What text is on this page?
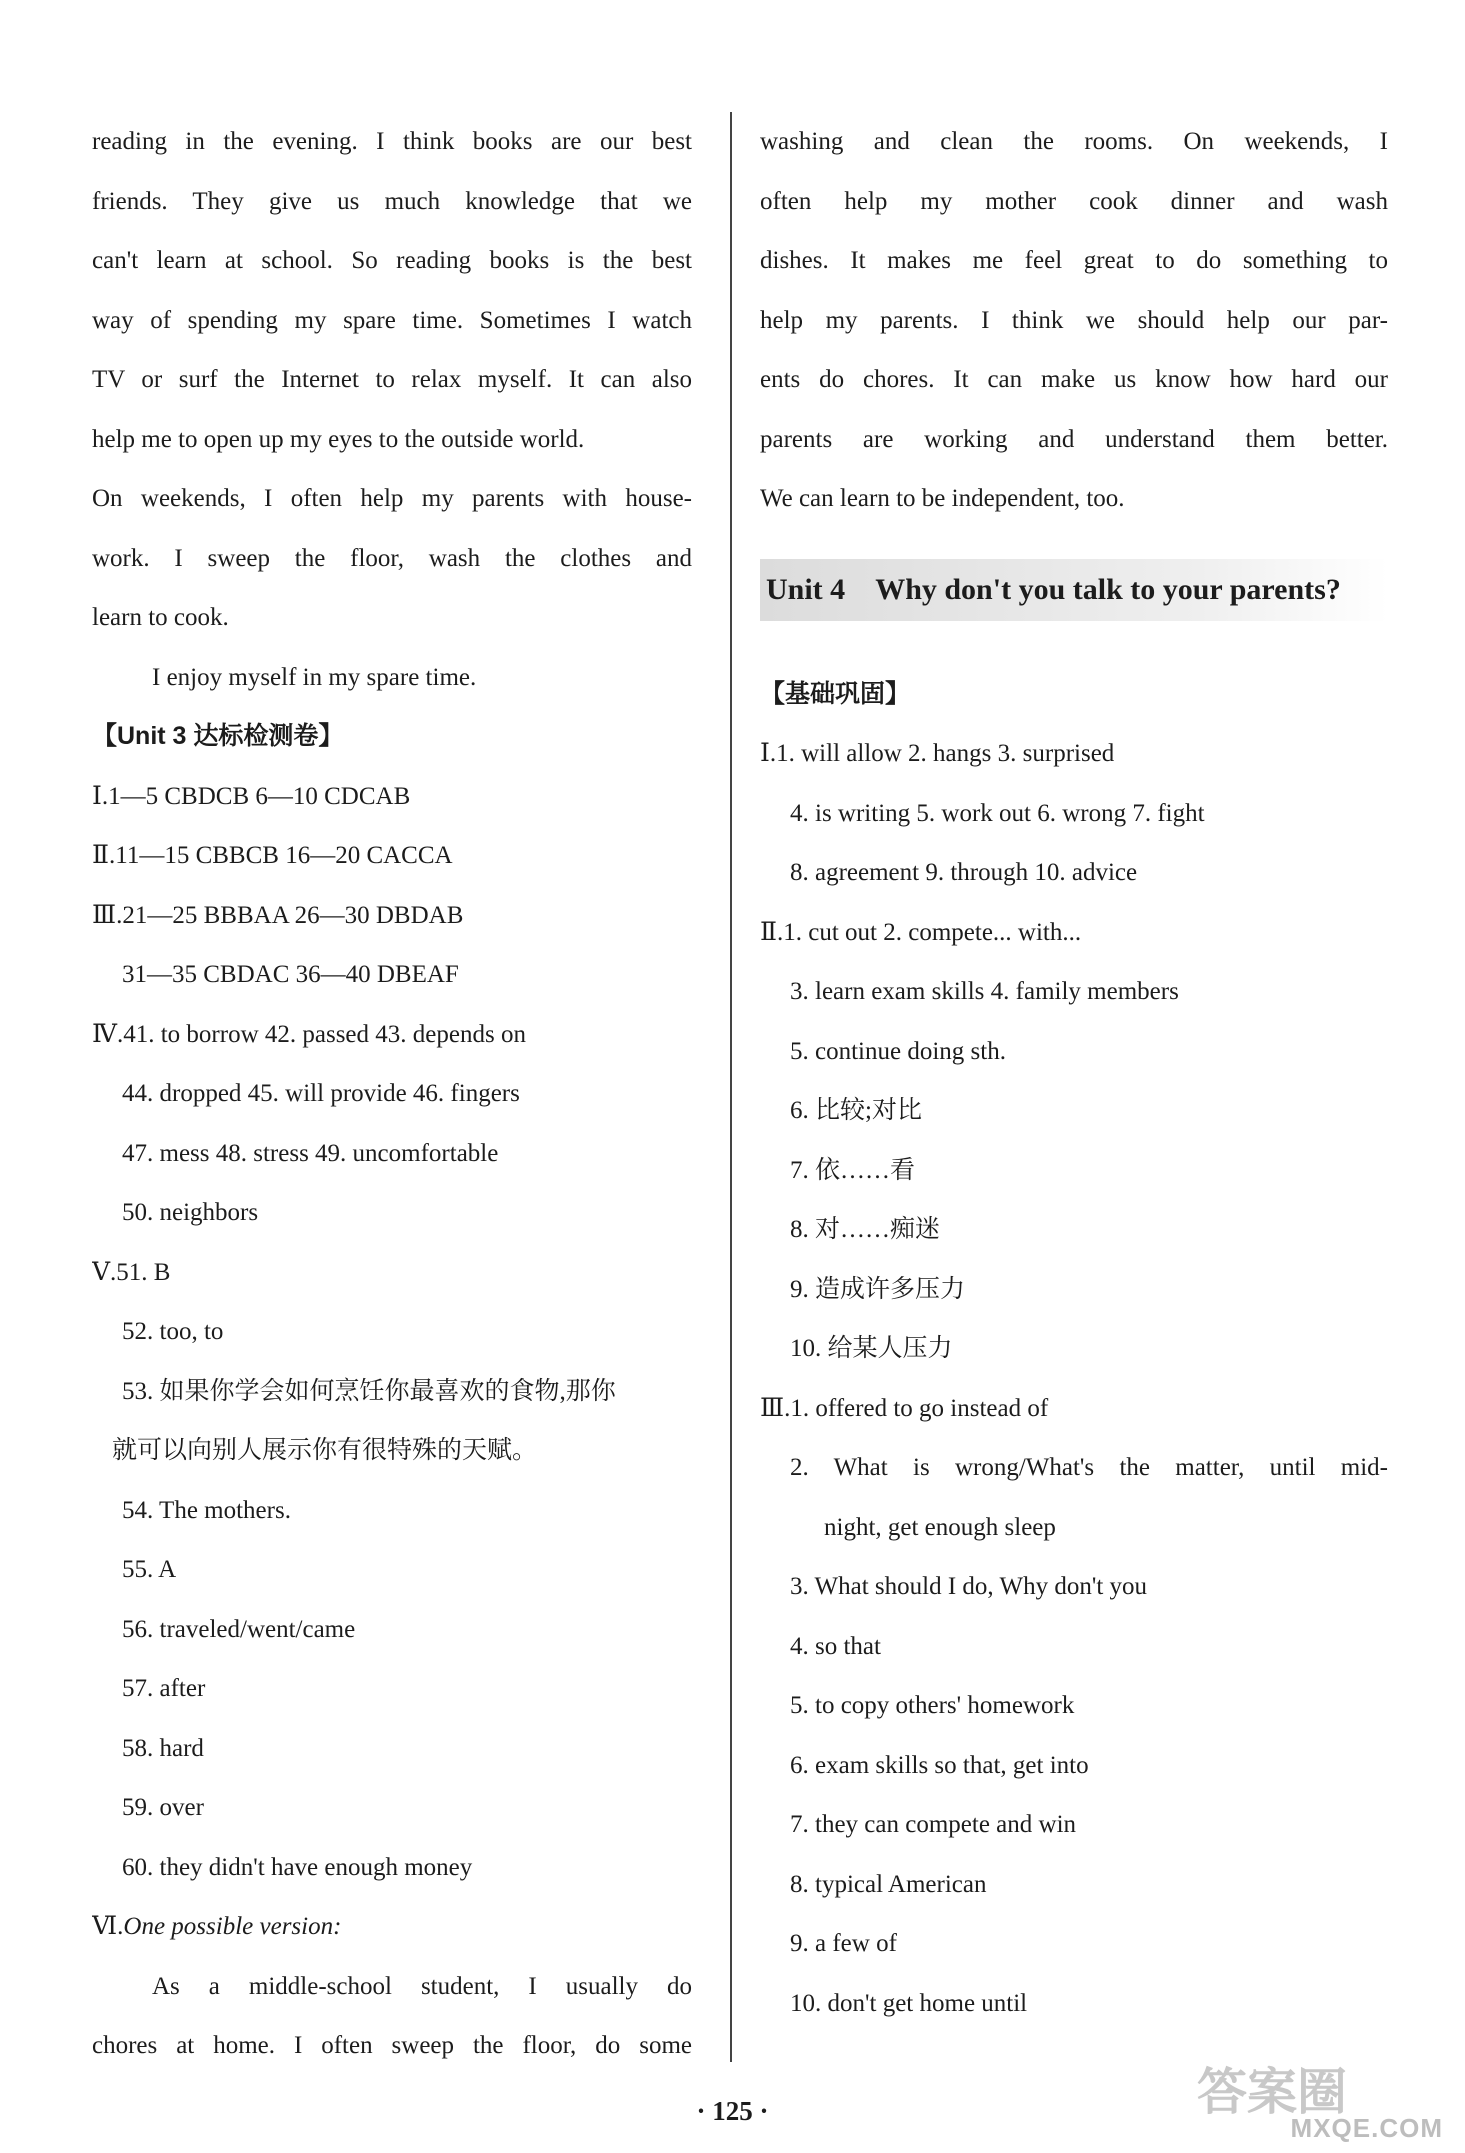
reading in the evening. I think books are our best
friends. They give us much knowledge that we
can't learn at school. So reading books is the best
way of spending my spare time. Sometimes I watch
TV or surf the Internet to relax myself. It can also
help me to open up my eyes to the outside world.
On weekends, I often help my parents with house-
work. I sweep the floor, wash the clothes and
learn to cook.
I enjoy myself in my spare time.
【Unit 3 达标检测卷】
Ⅰ.1—5 CBDCB 6—10 CDCAB
Ⅱ.11—15 CBBCB 16—20 CACCA
Ⅲ.21—25 BBBAA 26—30 DBDAB
31—35 CBDAC 36—40 DBEAF
Ⅳ.41. to borrow 42. passed 43. depends on
44. dropped 45. will provide 46. fingers
47. mess 48. stress 49. uncomfortable
50. neighbors
Ⅴ.51. B
52. too, to
53. 如果你学会如何烹饪你最喜欢的食物,那你
就可以向别人展示你有很特殊的天赋。
54. The mothers.
55. A
56. traveled/went/came
57. after
58. hard
59. over
60. they didn't have enough money
Ⅵ.One possible version:
As a middle-school student, I usually do
chores at home. I often sweep the floor, do some
washing and clean the rooms. On weekends, I
often help my mother cook dinner and wash
dishes. It makes me feel great to do something to
help my parents. I think we should help our par-
ents do chores. It can make us know how hard our
parents are working and understand them better.
We can learn to be independent, too.
Unit 4 Why don't you talk to your parents?
【基础巩固】
Ⅰ.1. will allow 2. hangs 3. surprised
4. is writing 5. work out 6. wrong 7. fight
8. agreement 9. through 10. advice
Ⅱ.1. cut out 2. compete... with...
3. learn exam skills 4. family members
5. continue doing sth.
6. 比较;对比
7. 依……看
8. 对……痴迷
9. 造成许多压力
10. 给某人压力
Ⅲ.1. offered to go instead of
2. What is wrong/What's the matter, until mid-
night, get enough sleep
3. What should I do, Why don't you
4. so that
5. to copy others' homework
6. exam skills so that, get into
7. they can compete and win
8. typical American
9. a few of
10. don't get home until
· 125 ·	答案圈
MXQE.COM
